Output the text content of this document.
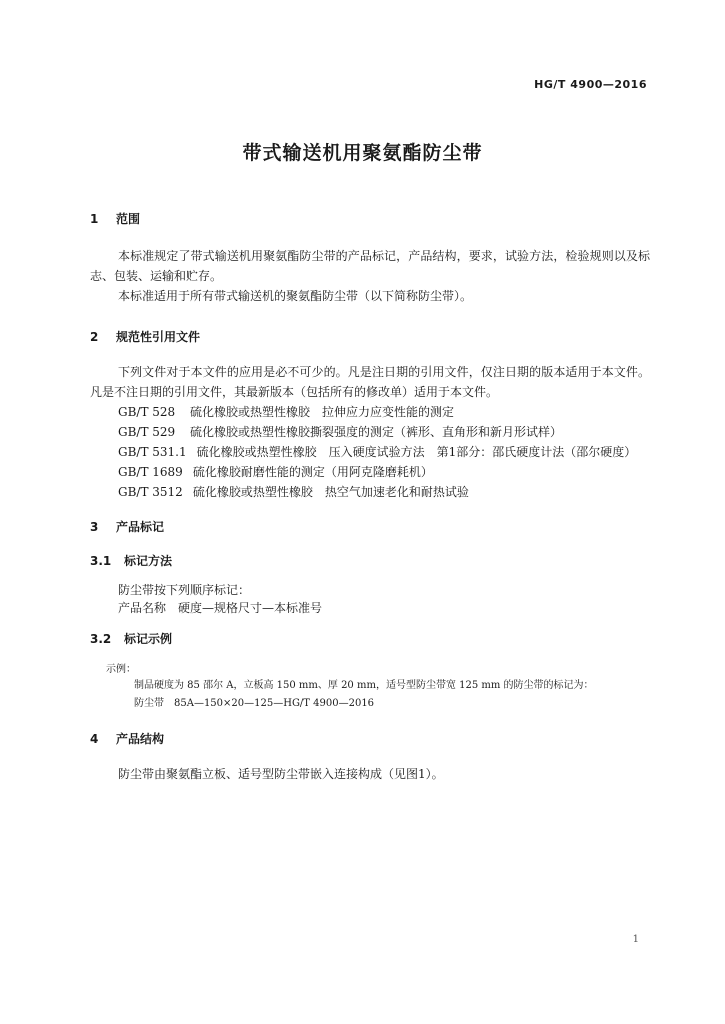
HG/T 4900—2016
带式输送机用聚氨酯防尘带
1 范围
本标准规定了带式输送机用聚氨酯防尘带的产品标记，产品结构，要求，试验方法，检验规则以及标志、包装、运输和贮存。
本标准适用于所有带式输送机的聚氨酯防尘带（以下简称防尘带）。
2 规范性引用文件
下列文件对于本文件的应用是必不可少的。凡是注日期的引用文件，仅注日期的版本适用于本文件。凡是不注日期的引用文件，其最新版本（包括所有的修改单）适用于本文件。
GB/T 528 硫化橡胶或热塑性橡胶　拉伸应力应变性能的测定
GB/T 529 硫化橡胶或热塑性橡胶撕裂强度的测定（裤形、直角形和新月形试样）
GB/T 531.1 硫化橡胶或热塑性橡胶　压入硬度试验方法　第1部分：邵氏硬度计法（邵尔硬度）
GB/T 1689 硫化橡胶耐磨性能的测定（用阿克隆磨耗机）
GB/T 3512 硫化橡胶或热塑性橡胶　热空气加速老化和耐热试验
3 产品标记
3.1 标记方法
防尘带按下列顺序标记：
产品名称　硬度—规格尺寸—本标准号
3.2 标记示例
示例：
制品硬度为 85 邵尔 A，立板高 150 mm、厚 20 mm，适号型防尘带宽 125 mm 的防尘带的标记为：
防尘带　85A—150×20—125—HG/T 4900—2016
4 产品结构
防尘带由聚氨酯立板、适号型防尘带嵌入连接构成（见图1）。
1
